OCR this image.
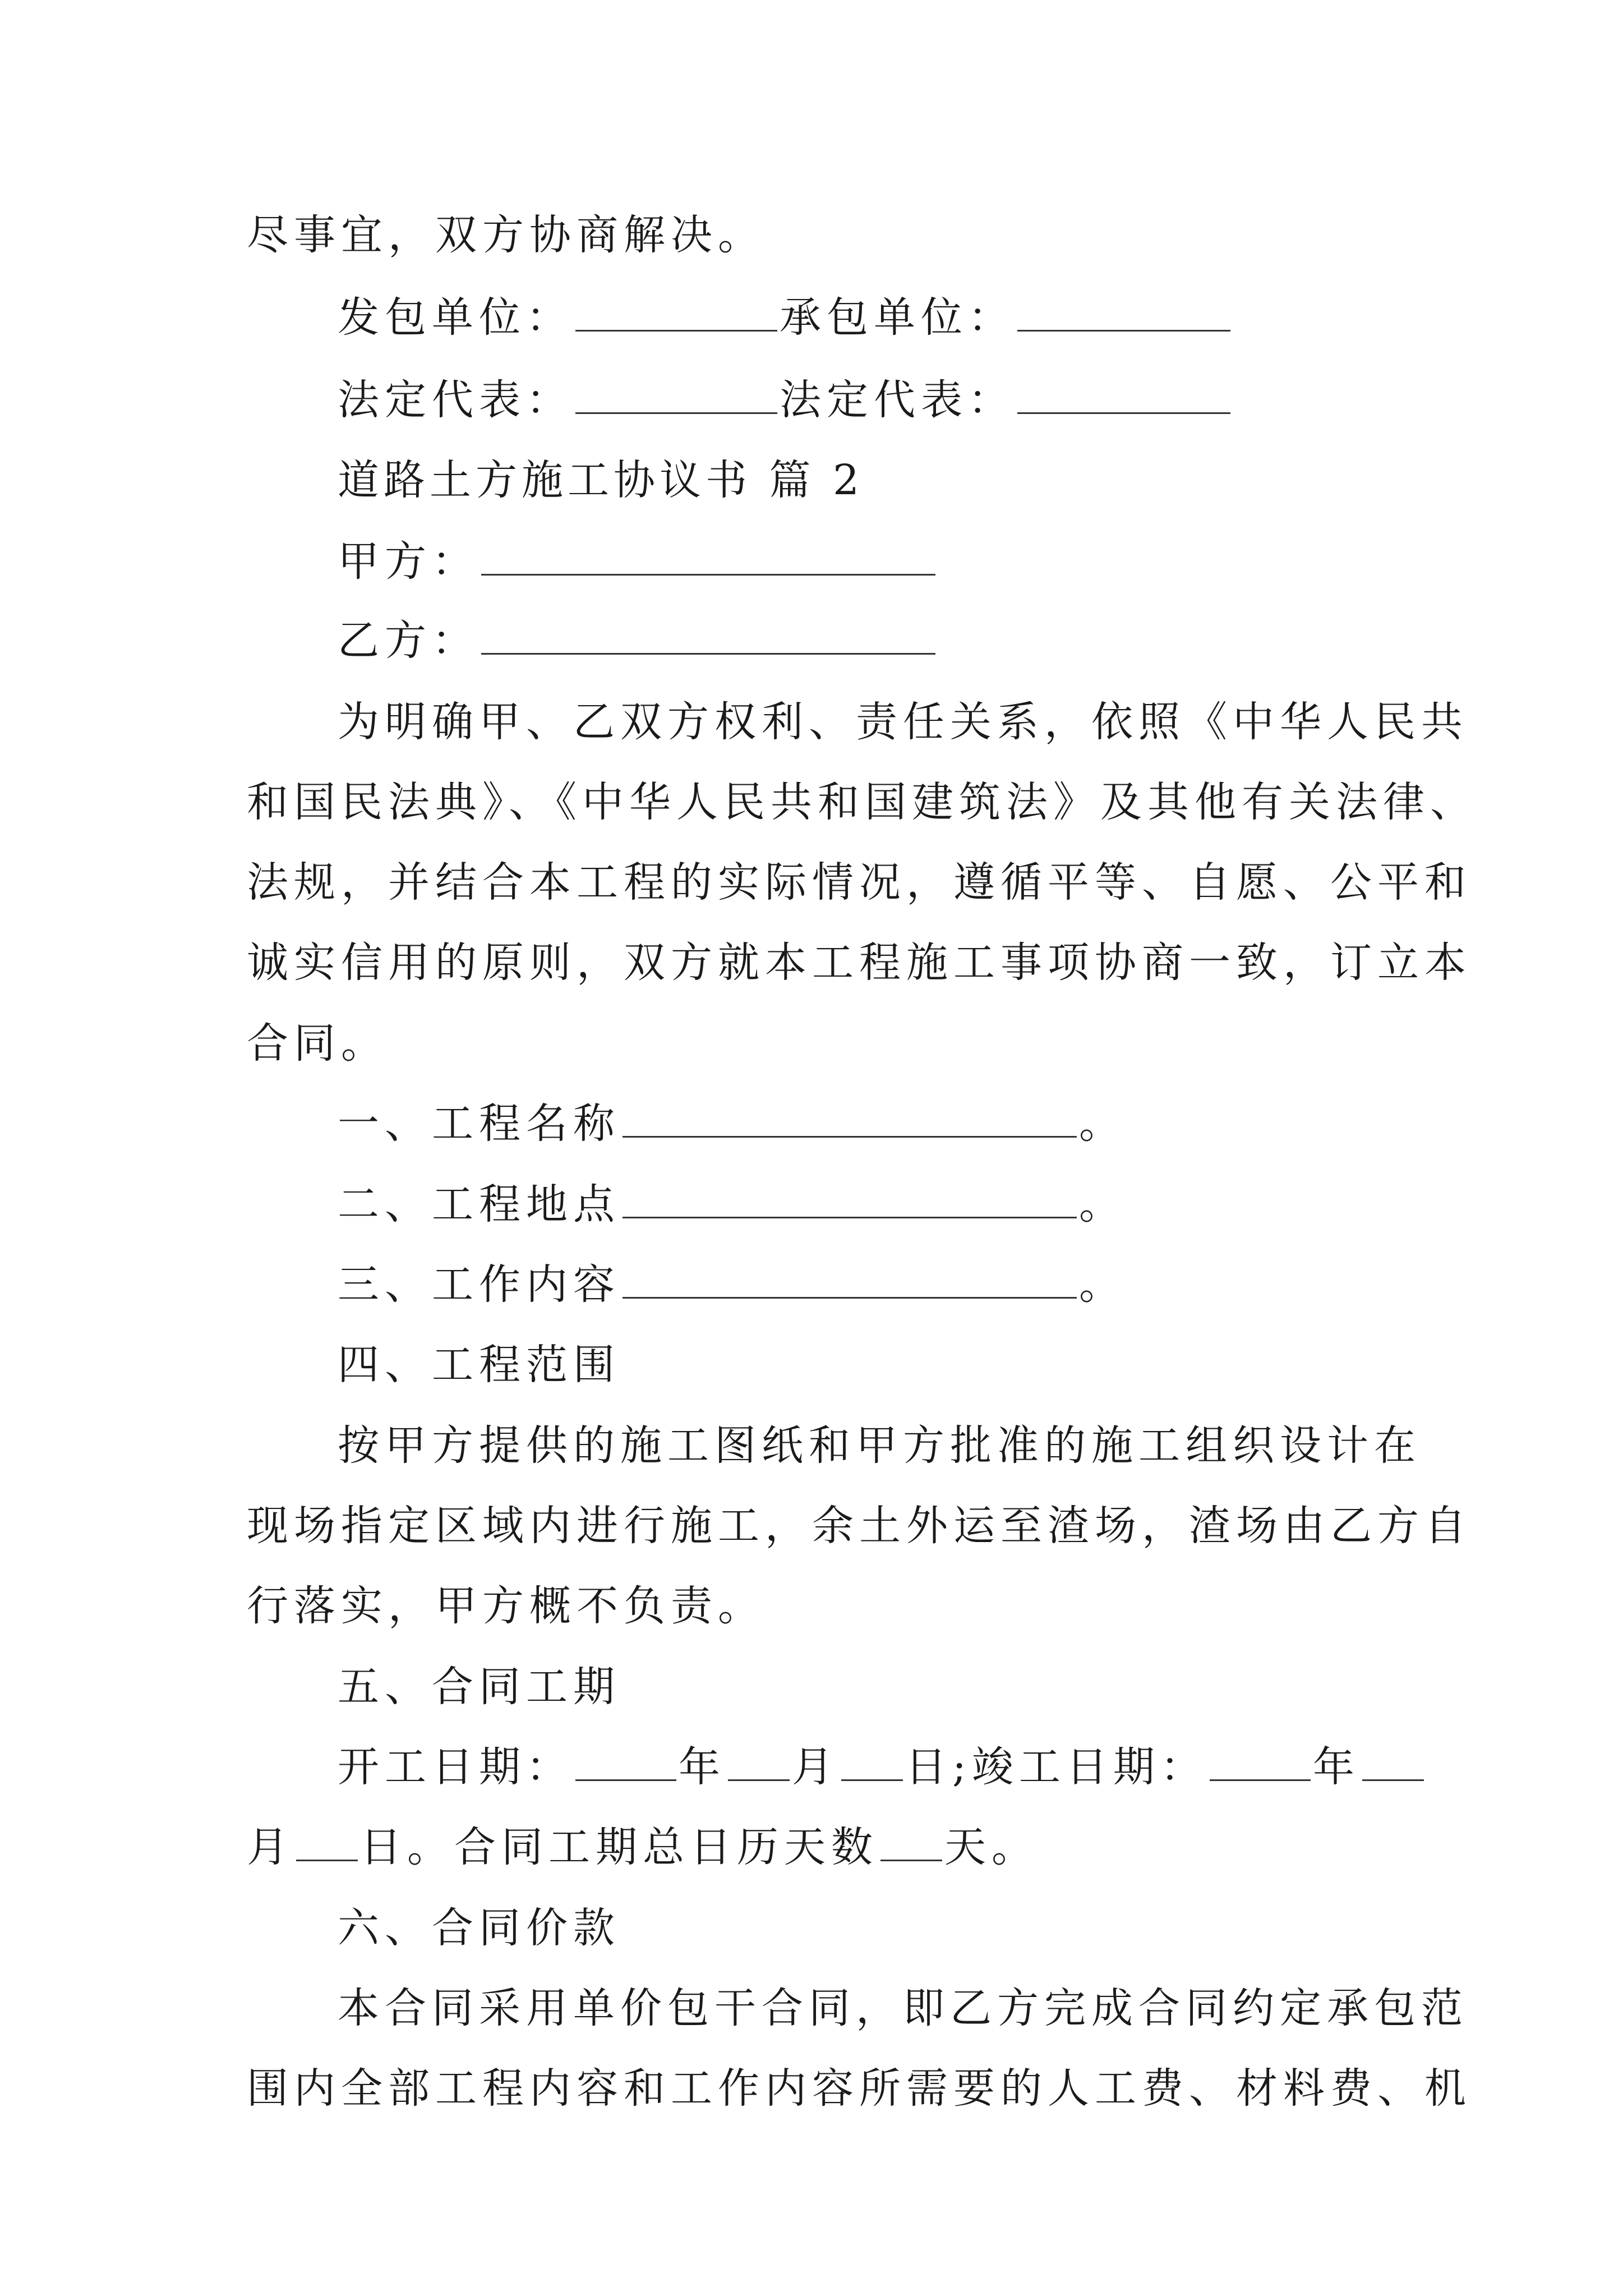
尽事宜，双方协商解决。
发包单位：	承包单位：
法定代表：	法定代表：
道路土方施工协议书 篇 2
甲方：
乙方：
为明确甲、乙双方权利、责任关系，依照《中华人民共
和国民法典》、《中华人民共和国建筑法》及其他有关法律、
法规，并结合本工程的实际情况，遵循平等、自愿、公平和
诚实信用的原则，双方就本工程施工事项协商一致，订立本
合同。
一、工程名称	。
二、工程地点	。
三、工作内容	。
四、工程范围
按甲方提供的施工图纸和甲方批准的施工组织设计在
现场指定区域内进行施工，余土外运至渣场，渣场由乙方自
行落实，甲方概不负责。
五、合同工期
开工日期：	年 月 日;竣工日期：	年
月 日。合同工期总日历天数 天。
六、合同价款
本合同采用单价包干合同，即乙方完成合同约定承包范
围内全部工程内容和工作内容所需要的人工费、材料费、机
